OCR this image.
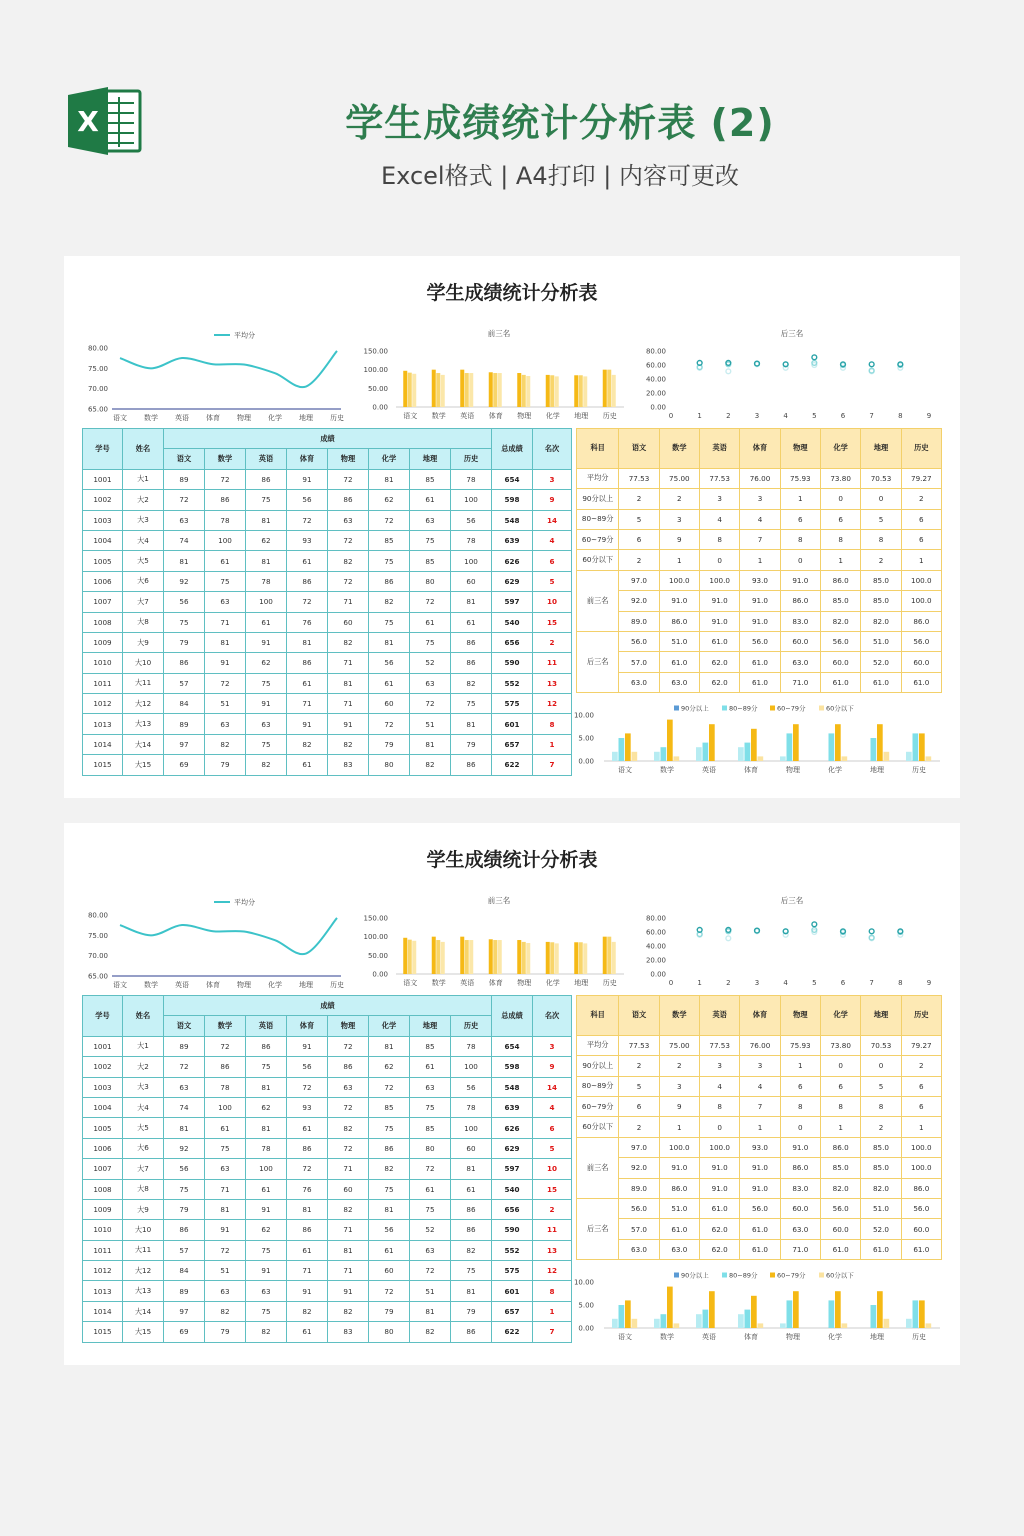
X	学生成绩统计分析表 (2)
Excel格式 | A4打印 | 内容可更改
学生成绩统计分析表
80.00
75.00
70.00
65.00
语文 数学 英语 体育 物理 化学 地理 历史
平均分	前三名
150.00
100.00
50.00
0.00
语文 数学 英语 体育 物理 化学 地理 历史
后三名
80.00
60.00
40.00
20.00
0.00
0	1	2	3	4	5	6	7	8	9
学号	姓名	成绩								总成绩	名次
		语文	数学	英语	体育	物理	化学	地理	历史		
1001	大1	89	72	86	91	72	81	85	78	654	3
1002	大2	72	86	75	56	86	62	61	100	598	9
1003	大3	63	78	81	72	63	72	63	56	548	14
1004	大4	74	100	62	93	72	85	75	78	639	4
1005	大5	81	61	81	61	82	75	85	100	626	6
1006	大6	92	75	78	86	72	86	80	60	629	5
1007	大7	56	63	100	72	71	82	72	81	597	10
1008	大8	75	71	61	76	60	75	61	61	540	15
1009	大9	79	81	91	81	82	81	75	86	656	2
1010	大10	86	91	62	86	71	56	52	86	590	11
1011	大11	57	72	75	61	81	61	63	82	552	13
1012	大12	84	51	91	71	71	60	72	75	575	12
1013	大13	89	63	63	91	91	72	51	81	601	8
1014	大14	97	82	75	82	82	79	81	79	657	1
1015	大15	69	79	82	61	83	80	82	86	622	7
科目	语文	数学	英语	体育	物理	化学	地理	历史
平均分	77.53	75.00	77.53	76.00	75.93	73.80	70.53	79.27
90分以上	2	2	3	3	1	0	0	2
80~89分	5	3	4	4	6	6	5	6
60~79分	6	9	8	7	8	8	8	6
60分以下	2	1	0	1	0	1	2	1
前三名	97.0	100.0	100.0	93.0	91.0	86.0	85.0	100.0
	92.0	91.0	91.0	91.0	86.0	85.0	85.0	100.0
	89.0	86.0	91.0	91.0	83.0	82.0	82.0	86.0
后三名	56.0	51.0	61.0	56.0	60.0	56.0	51.0	56.0
	57.0	61.0	62.0	61.0	63.0	60.0	52.0	60.0
	63.0	63.0	62.0	61.0	71.0	61.0	61.0	61.0
10.00
5.00
0.00
90分以上	80~89分	60~79分	60分以下
语文	数学	英语	体育	物理	化学	地理	历史
学生成绩统计分析表
80.00
75.00
70.00
65.00
语文 数学 英语 体育 物理 化学 地理 历史
平均分	前三名
150.00
100.00
50.00
0.00
语文 数学 英语 体育 物理 化学 地理 历史
后三名
80.00
60.00
40.00
20.00
0.00
0	1	2	3	4	5	6	7	8	9
学号	姓名	成绩								总成绩	名次
		语文	数学	英语	体育	物理	化学	地理	历史		
1001	大1	89	72	86	91	72	81	85	78	654	3
1002	大2	72	86	75	56	86	62	61	100	598	9
1003	大3	63	78	81	72	63	72	63	56	548	14
1004	大4	74	100	62	93	72	85	75	78	639	4
1005	大5	81	61	81	61	82	75	85	100	626	6
1006	大6	92	75	78	86	72	86	80	60	629	5
1007	大7	56	63	100	72	71	82	72	81	597	10
1008	大8	75	71	61	76	60	75	61	61	540	15
1009	大9	79	81	91	81	82	81	75	86	656	2
1010	大10	86	91	62	86	71	56	52	86	590	11
1011	大11	57	72	75	61	81	61	63	82	552	13
1012	大12	84	51	91	71	71	60	72	75	575	12
1013	大13	89	63	63	91	91	72	51	81	601	8
1014	大14	97	82	75	82	82	79	81	79	657	1
1015	大15	69	79	82	61	83	80	82	86	622	7
科目	语文	数学	英语	体育	物理	化学	地理	历史
平均分	77.53	75.00	77.53	76.00	75.93	73.80	70.53	79.27
90分以上	2	2	3	3	1	0	0	2
80~89分	5	3	4	4	6	6	5	6
60~79分	6	9	8	7	8	8	8	6
60分以下	2	1	0	1	0	1	2	1
前三名	97.0	100.0	100.0	93.0	91.0	86.0	85.0	100.0
	92.0	91.0	91.0	91.0	86.0	85.0	85.0	100.0
	89.0	86.0	91.0	91.0	83.0	82.0	82.0	86.0
后三名	56.0	51.0	61.0	56.0	60.0	56.0	51.0	56.0
	57.0	61.0	62.0	61.0	63.0	60.0	52.0	60.0
	63.0	63.0	62.0	61.0	71.0	61.0	61.0	61.0
10.00
5.00
0.00
90分以上	80~89分	60~79分	60分以下
语文	数学	英语	体育	物理	化学	地理	历史
